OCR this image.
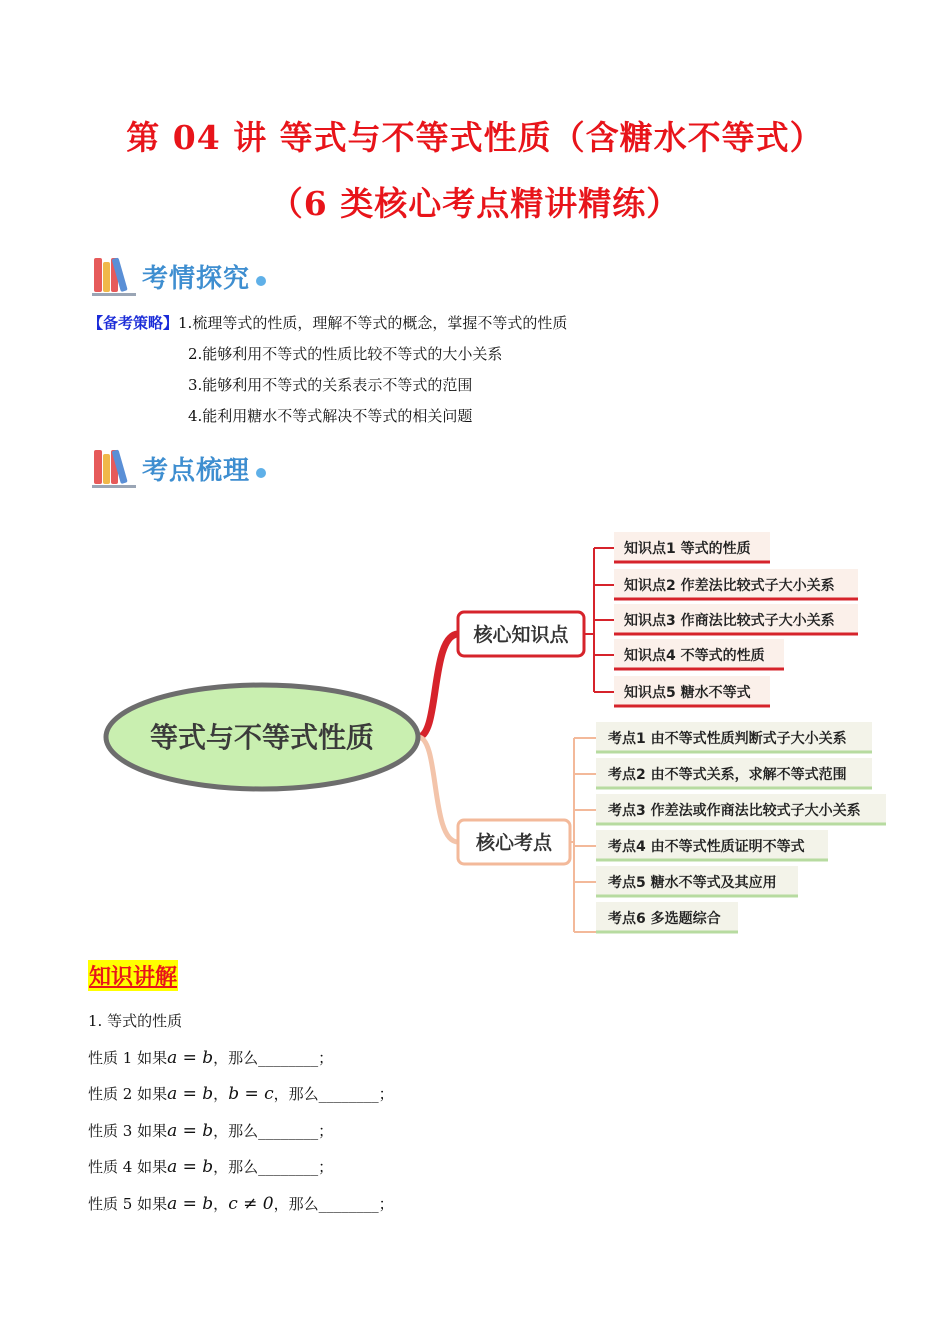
第 04 讲 等式与不等式性质（含糖水不等式）
（6 类核心考点精讲精练）
考情探究
【备考策略】1.梳理等式的性质，理解不等式的概念，掌握不等式的性质
2.能够利用不等式的性质比较不等式的大小关系
3.能够利用不等式的关系表示不等式的范围
4.能利用糖水不等式解决不等式的相关问题
考点梳理
等式与不等式性质
核心知识点
知识点1 等式的性质
知识点2 作差法比较式子大小关系
知识点3 作商法比较式子大小关系
知识点4 不等式的性质
知识点5 糖水不等式
核心考点
考点1 由不等式性质判断式子大小关系
考点2 由不等式关系，求解不等式范围
考点3 作差法或作商法比较式子大小关系
考点4 由不等式性质证明不等式
考点5 糖水不等式及其应用
考点6 多选题综合
知识讲解
1. 等式的性质
性质 1 如果a = b，那么________；
性质 2 如果a = b，b = c，那么________；
性质 3 如果a = b，那么________；
性质 4 如果a = b，那么________；
性质 5 如果a = b，c ≠ 0，那么________；
